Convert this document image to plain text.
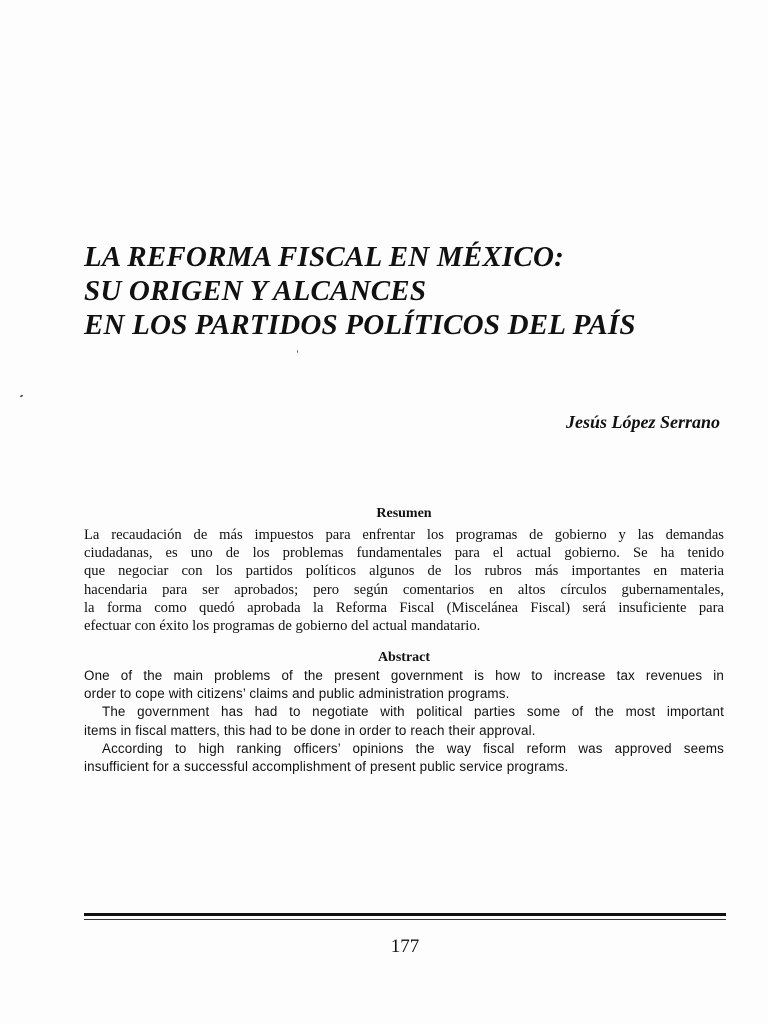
LA REFORMA FISCAL EN MÉXICO:
SU ORIGEN Y ALCANCES
EN LOS PARTIDOS POLÍTICOS DEL PAÍS
Jesús López Serrano
Resumen
La recaudación de más impuestos para enfrentar los programas de gobierno y las demandas
ciudadanas, es uno de los problemas fundamentales para el actual gobierno. Se ha tenido
que negociar con los partidos políticos algunos de los rubros más importantes en materia
hacendaria para ser aprobados; pero según comentarios en altos círculos gubernamentales,
la forma como quedó aprobada la Reforma Fiscal (Miscelánea Fiscal) será insuficiente para
efectuar con éxito los programas de gobierno del actual mandatario.
Abstract
One of the main problems of the present government is how to increase tax revenues in
order to cope with citizens’ claims and public administration programs.
The government has had to negotiate with political parties some of the most important
items in fiscal matters, this had to be done in order to reach their approval.
According to high ranking officers’ opinions the way fiscal reform was approved seems
insufficient for a successful accomplishment of present public service programs.
177
